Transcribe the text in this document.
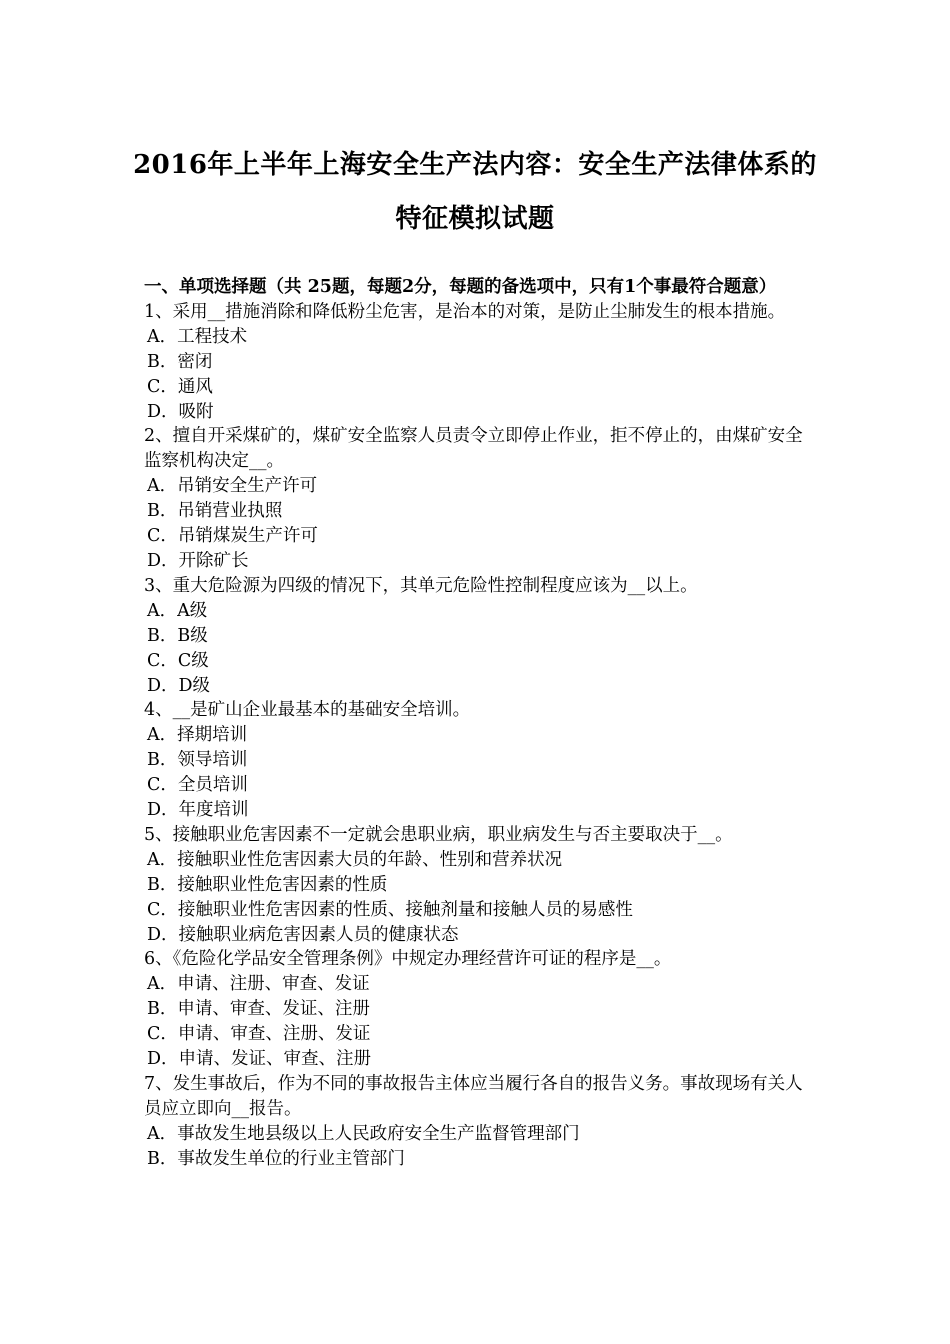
2016年上半年上海安全生产法内容：安全生产法律体系的
特征模拟试题
一、单项选择题（共 25题，每题2分，每题的备选项中，只有1个事最符合题意）
1、采用__措施消除和降低粉尘危害，是治本的对策，是防止尘肺发生的根本措施。
A．工程技术
B．密闭
C．通风
D．吸附
2、擅自开采煤矿的，煤矿安全监察人员责令立即停止作业，拒不停止的，由煤矿安全监察机构决定__。
A．吊销安全生产许可
B．吊销营业执照
C．吊销煤炭生产许可
D．开除矿长
3、重大危险源为四级的情况下，其单元危险性控制程度应该为__以上。
A．A级
B．B级
C．C级
D．D级
4、__是矿山企业最基本的基础安全培训。
A．择期培训
B．领导培训
C．全员培训
D．年度培训
5、接触职业危害因素不一定就会患职业病，职业病发生与否主要取决于__。
A．接触职业性危害因素大员的年龄、性别和营养状况
B．接触职业性危害因素的性质
C．接触职业性危害因素的性质、接触剂量和接触人员的易感性
D．接触职业病危害因素人员的健康状态
6、《危险化学品安全管理条例》中规定办理经营许可证的程序是__。
A．申请、注册、审查、发证
B．申请、审查、发证、注册
C．申请、审查、注册、发证
D．申请、发证、审查、注册
7、发生事故后，作为不同的事故报告主体应当履行各自的报告义务。事故现场有关人员应立即向__报告。
A．事故发生地县级以上人民政府安全生产监督管理部门
B．事故发生单位的行业主管部门
